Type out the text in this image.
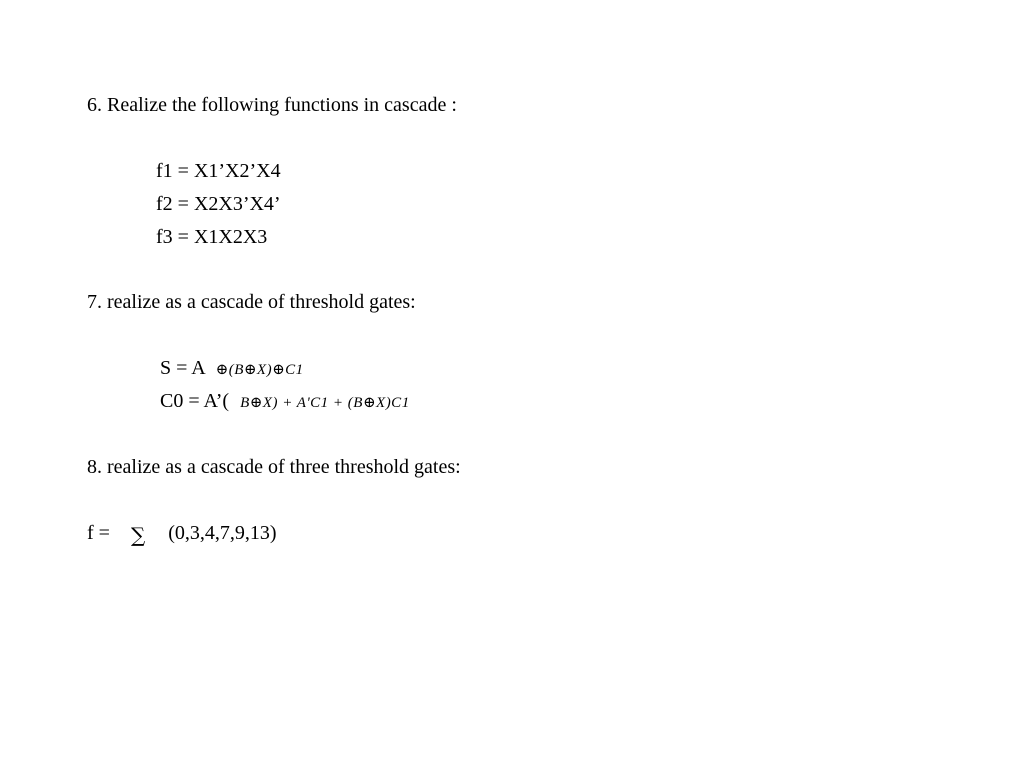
6. Realize the following functions in cascade :
f1 = X1’X2’X4
f2 = X2X3’X4’
f3 = X1X2X3
7. realize as a cascade of threshold gates:
S = A ⊕(B⊕X)⊕C1
C0 = A’( B⊕X) + A'C1 + (B⊕X)C1
8. realize as a cascade of three threshold gates:
f = ∑ (0,3,4,7,9,13)
